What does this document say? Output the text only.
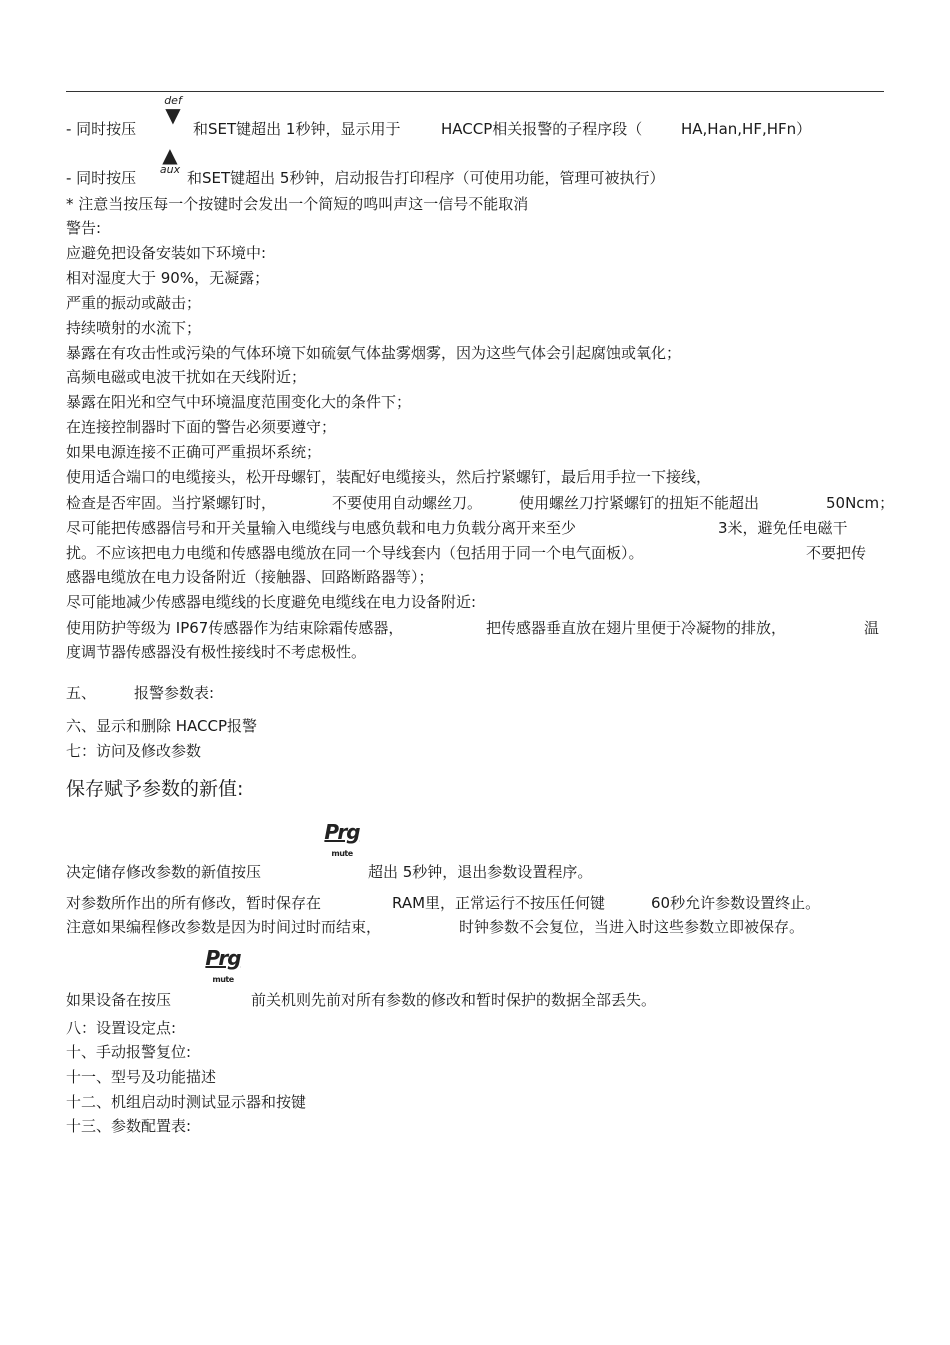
- 同时按压
def
▼
和SET键超出 1秒钟，显示用于	HACCP相关报警的子程序段（	HA,Han,HF,HFn）
- 同时按压
▲
aux 和SET键超出 5秒钟，启动报告打印程序（可使用功能，管理可被执行）
* 注意当按压每一个按键时会发出一个简短的鸣叫声这一信号不能取消
警告:
应避免把设备安装如下环境中:
相对湿度大于 90%，无凝露；
严重的振动或敲击；
持续喷射的水流下；
暴露在有攻击性或污染的气体环境下如硫氨气体盐雾烟雾，因为这些气体会引起腐蚀或氧化；
高频电磁或电波干扰如在天线附近；
暴露在阳光和空气中环境温度范围变化大的条件下；
在连接控制器时下面的警告必须要遵守；
如果电源连接不正确可严重损坏系统；
使用适合端口的电缆接头，松开母螺钉，装配好电缆接头，然后拧紧螺钉，最后用手拉一下接线，
检查是否牢固。当拧紧螺钉时，	不要使用自动螺丝刀。 使用螺丝刀拧紧螺钉的扭矩不能超出	50Ncm；
尽可能把传感器信号和开关量输入电缆线与电感负载和电力负载分离开来至少	3米，避免任电磁干
扰。不应该把电力电缆和传感器电缆放在同一个导线套内（包括用于同一个电气面板）。	不要把传
感器电缆放在电力设备附近（接触器、回路断路器等）；
尽可能地减少传感器电缆线的长度避免电缆线在电力设备附近:
使用防护等级为 IP67传感器作为结束除霜传感器，	把传感器垂直放在翅片里便于冷凝物的排放，	温
度调节器传感器没有极性接线时不考虑极性。
五、	报警参数表:
六、显示和删除 HACCP报警
七：访问及修改参数
保存赋予参数的新值:
决定储存修改参数的新值按压
Prg
mute
超出 5秒钟，退出参数设置程序。
对参数所作出的所有修改，暂时保存在	RAM里，正常运行不按压任何键	60秒允许参数设置终止。
注意如果编程修改参数是因为时间过时而结束，	时钟参数不会复位，当进入时这些参数立即被保存。
如果设备在按压
Prg
mute
前关机则先前对所有参数的修改和暂时保护的数据全部丢失。
八：设置设定点:
十、手动报警复位:
十一、型号及功能描述
十二、机组启动时测试显示器和按键
十三、参数配置表:
